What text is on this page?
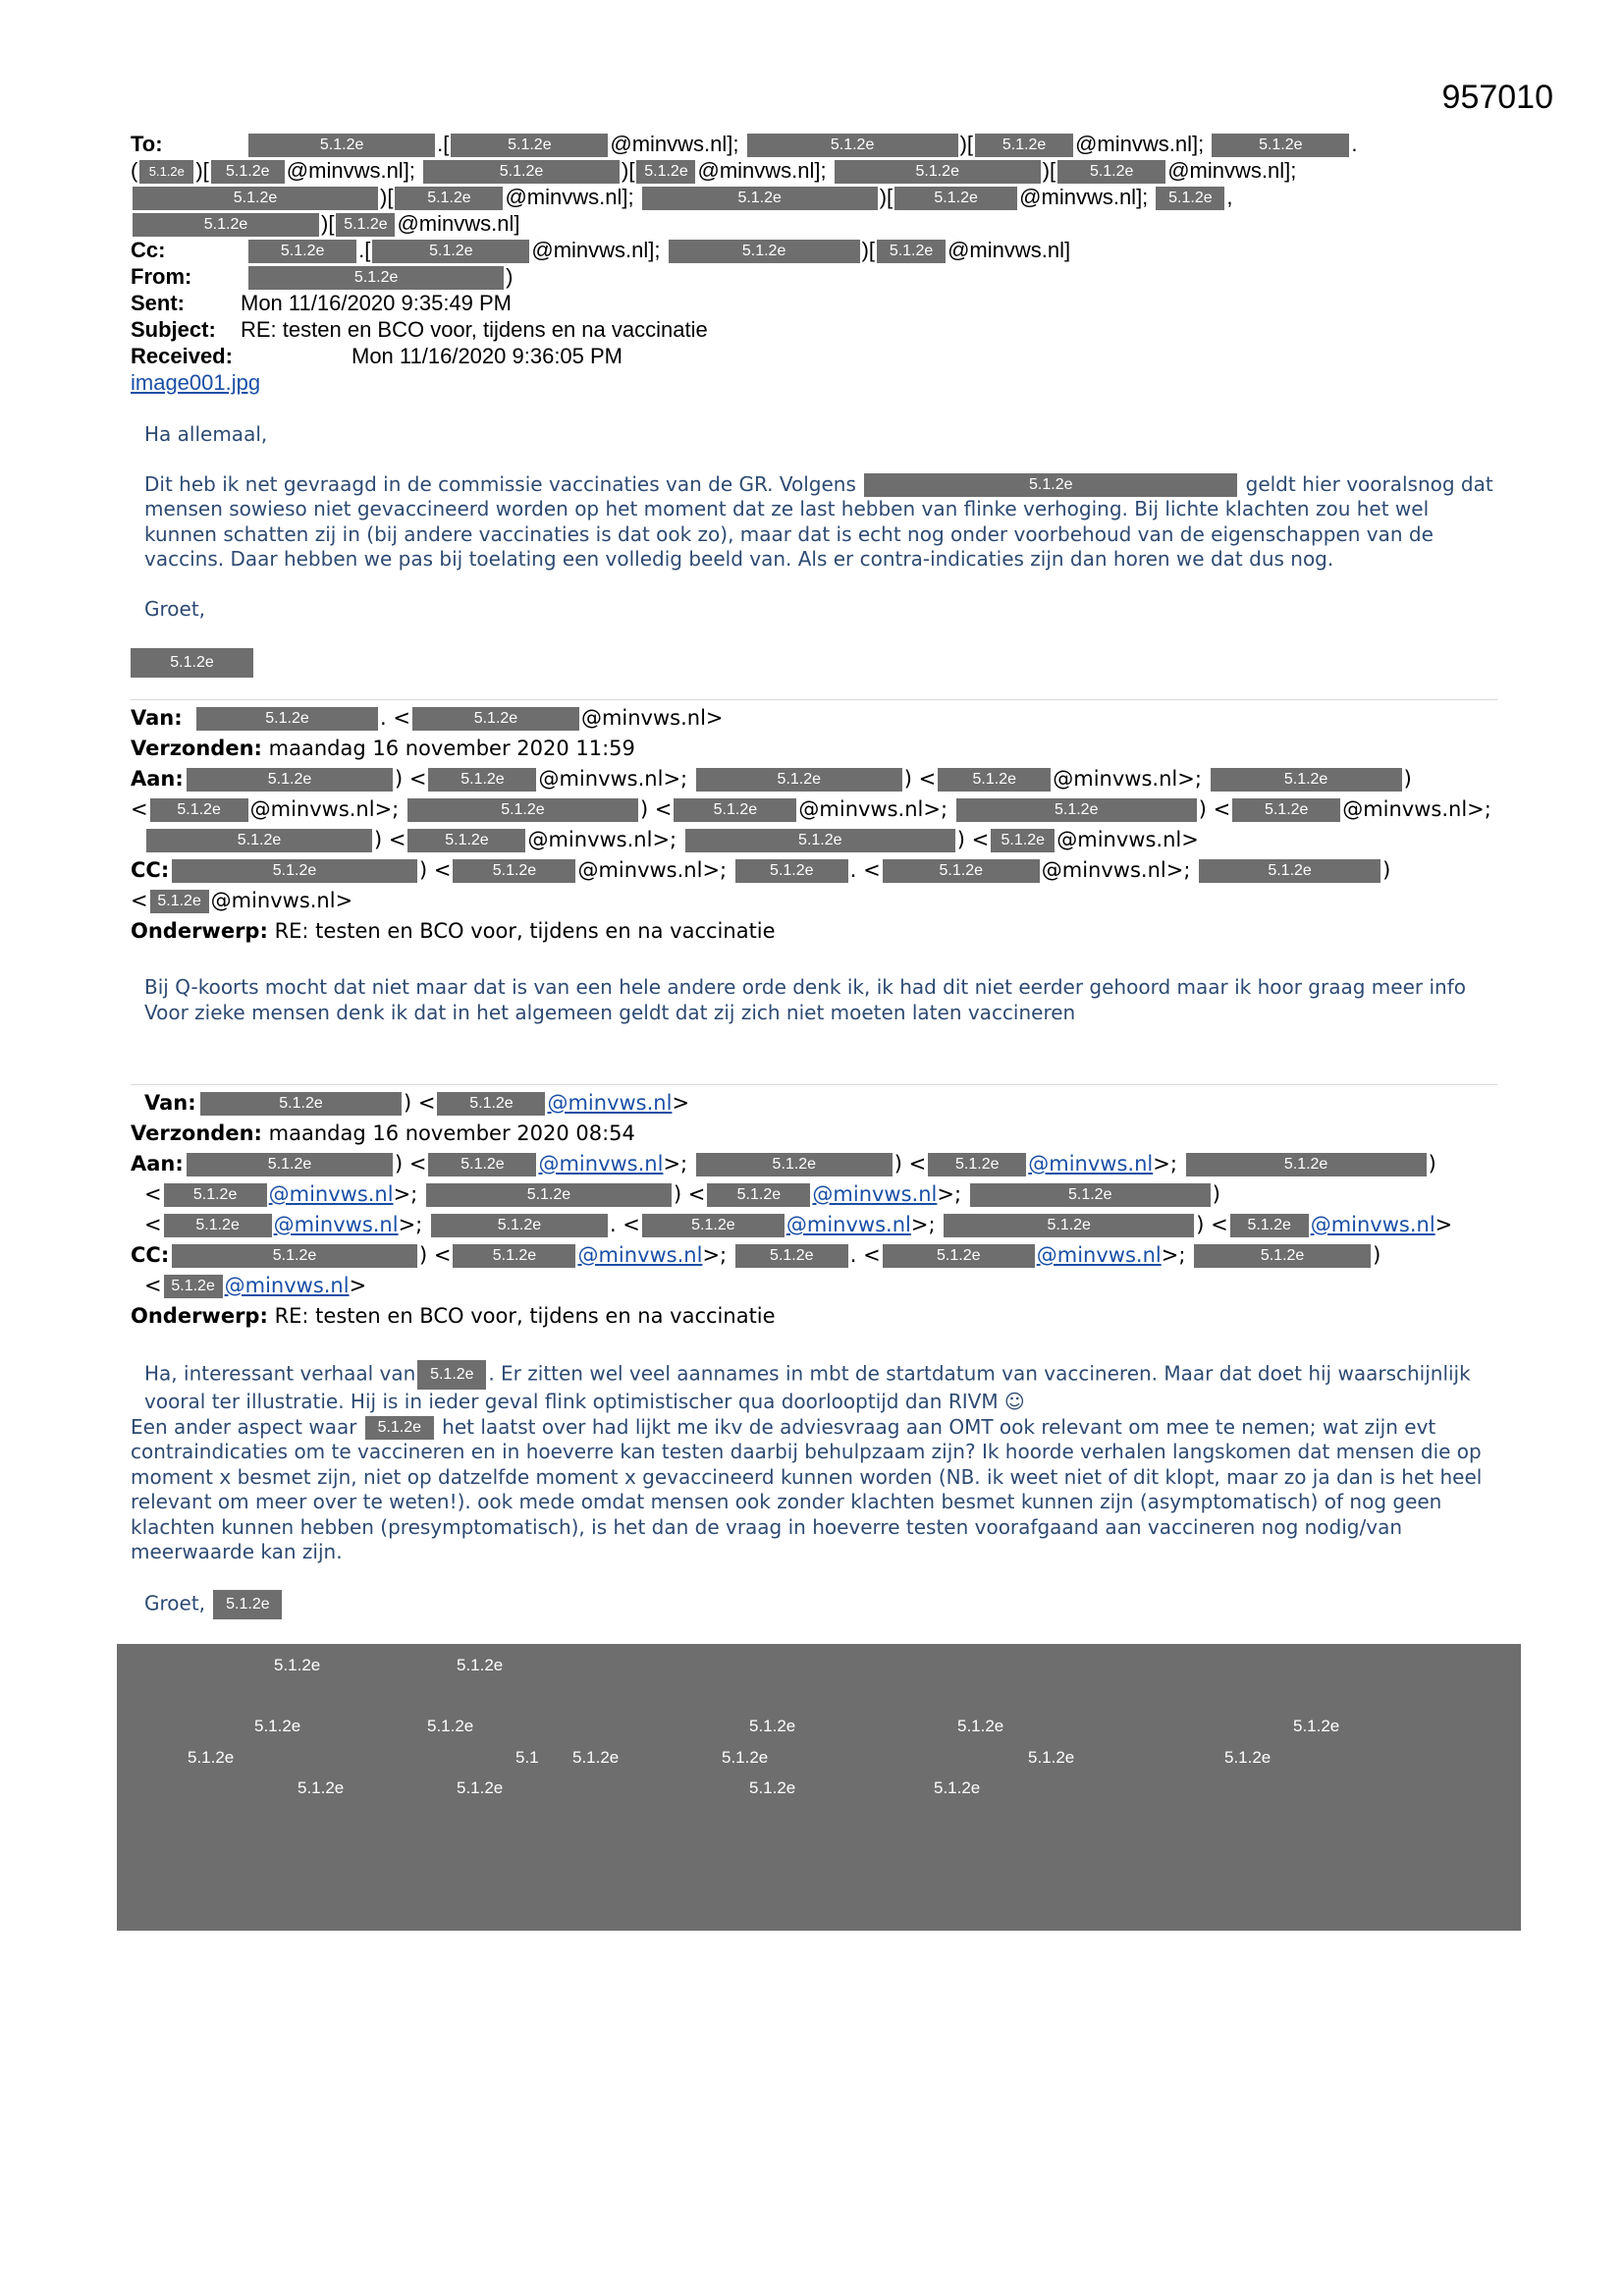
957010
To:	5.1.2e	.[	5.1.2e	@minvws.nl];	5.1.2e	)[ 5.1.2e @minvws.nl];	5.1.2e .
( 5.1.2e )[ 5.1.2e @minvws.nl];	5.1.2e	)[ 5.1.2e @minvws.nl];	5.1.2e	)[ 5.1.2e @minvws.nl];
5.1.2e	)[ 5.1.2e @minvws.nl];	5.1.2e	)[	5.1.2e @minvws.nl]; 5.1.2e ,
5.1.2e	)[ 5.1.2e @minvws.nl]
Cc:	5.1.2e .[	5.1.2e	@minvws.nl];	5.1.2e	)[ 5.1.2e @minvws.nl]
From:	5.1.2e	)
Sent:	Mon 11/16/2020 9:35:49 PM
Subject: RE: testen en BCO voor, tijdens en na vaccinatie
Received:	Mon 11/16/2020 9:36:05 PM
image001.jpg

Ha allemaal,

Dit heb ik net gevraagd in de commissie vaccinaties van de GR. Volgens	5.1.2e	geldt hier vooralsnog dat mensen sowieso niet gevaccineerd worden op het moment dat ze last hebben van flinke verhoging. Bij lichte klachten zou het wel kunnen schatten zij in (bij andere vaccinaties is dat ook zo), maar dat is echt nog onder voorbehoud van de eigenschappen van de vaccins. Daar hebben we pas bij toelating een volledig beeld van. Als er contra-indicaties zijn dan horen we dat dus nog.

Groet,

5.1.2e
Van:	5.1.2e	. <	5.1.2e	@minvws.nl>
Verzonden: maandag 16 november 2020 11:59
Aan:	5.1.2e	) < 5.1.2e @minvws.nl>;	5.1.2e	) < 5.1.2e @minvws.nl>;	5.1.2e	)
< 5.1.2e @minvws.nl>;	5.1.2e	) <	5.1.2e @minvws.nl>;	5.1.2e	) < 5.1.2e @minvws.nl>;
5.1.2e	) < 5.1.2e @minvws.nl>;	5.1.2e	) < 5.1.2e @minvws.nl>
CC:	5.1.2e	) <	5.1.2e @minvws.nl>; 5.1.2e . <	5.1.2e	@minvws.nl>;	5.1.2e	)
< 5.1.2e @minvws.nl>
Onderwerp: RE: testen en BCO voor, tijdens en na vaccinatie

Bij Q-koorts mocht dat niet maar dat is van een hele andere orde denk ik, ik had dit niet eerder gehoord maar ik hoor graag meer info

Voor zieke mensen denk ik dat in het algemeen geldt dat zij zich niet moeten laten vaccineren

Van:	5.1.2e	) < 5.1.2e @minvws.nl>
Verzonden: maandag 16 november 2020 08:54
Aan:	5.1.2e	) < 5.1.2e @minvws.nl>;	5.1.2e	) < 5.1.2e @minvws.nl>;	5.1.2e	)
< 5.1.2e @minvws.nl>;	5.1.2e	) < 5.1.2e @minvws.nl>;	5.1.2e	)
< 5.1.2e @minvws.nl>;	5.1.2e	. <	5.1.2e @minvws.nl>;	5.1.2e	) < 5.1.2e @minvws.nl>
CC:	5.1.2e	) <	5.1.2e @minvws.nl>; 5.1.2e . <	5.1.2e	@minvws.nl>;	5.1.2e	)
< 5.1.2e @minvws.nl>
Onderwerp: RE: testen en BCO voor, tijdens en na vaccinatie

Ha, interessant verhaal van 5.1.2e . Er zitten wel veel aannames in mbt de startdatum van vaccineren. Maar dat doet hij waarschijnlijk vooral ter illustratie. Hij is in ieder geval flink optimistischer qua doorlooptijd dan RIVM ☺

Een ander aspect waar 5.1.2e het laatst over had lijkt me ikv de adviesvraag aan OMT ook relevant om mee te nemen; wat zijn evt contraindicaties om te vaccineren en in hoeverre kan testen daarbij behulpzaam zijn? Ik hoorde verhalen langskomen dat mensen die op moment x besmet zijn, niet op datzelfde moment x gevaccineerd kunnen worden (NB. ik weet niet of dit klopt, maar zo ja dan is het heel relevant om meer over te weten!). ook mede omdat mensen ook zonder klachten besmet kunnen zijn (asymptomatisch) of nog geen klachten kunnen hebben (presymptomatisch), is het dan de vraag in hoeverre testen voorafgaand aan vaccineren nog nodig/van meerwaarde kan zijn.

Groet, 5.1.2e

5.1.2e	5.1.2e
5.1.2e	5.1.2e	5.1.2e	5.1.2e	5.1.2e
5.1.2e	5.1 5.1.2e	5.1.2e	5.1.2e	5.1.2e
5.1.2e	5.1.2e	5.1.2e	5.1.2e
